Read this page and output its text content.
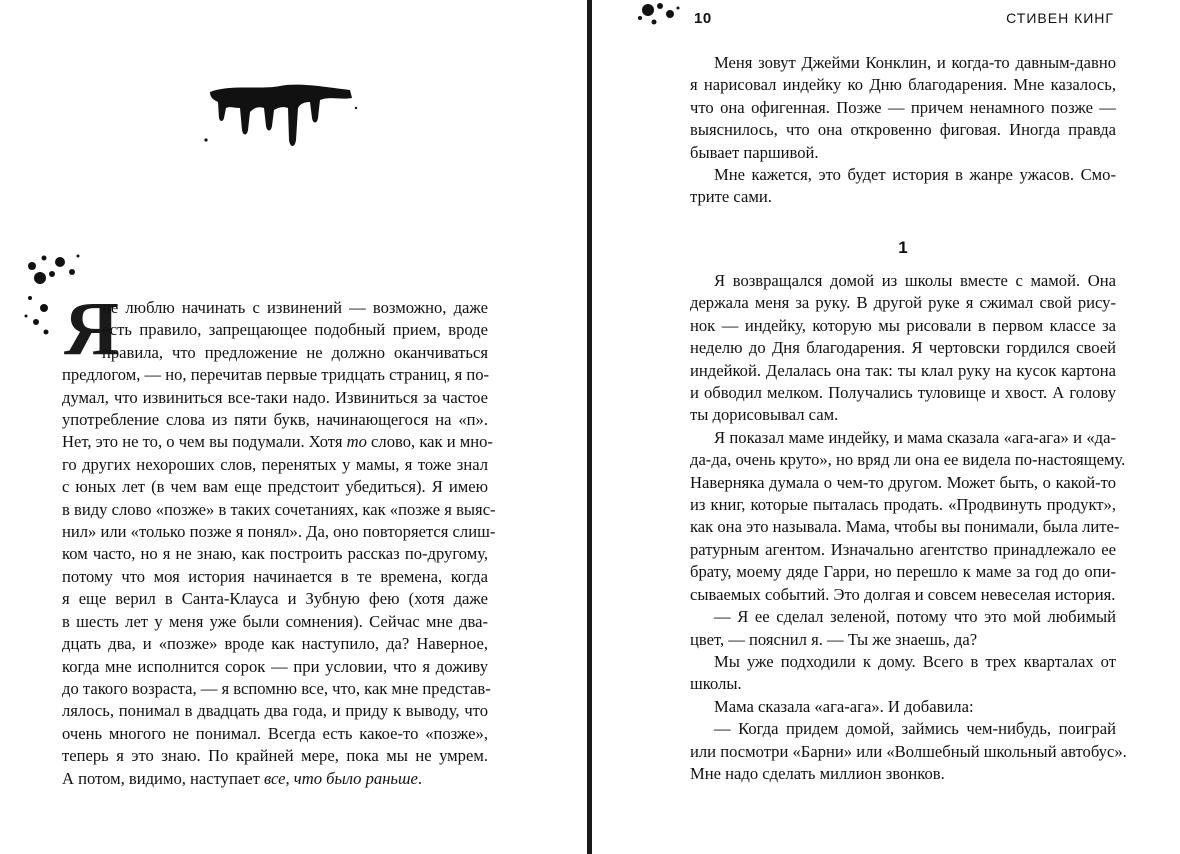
Я
не люблю начинать с извинений — возможно, даже
есть правило, запрещающее подобный прием, вроде
правила, что предложение не должно оканчиваться
предлогом, — но, перечитав первые тридцать страниц, я по-
думал, что извиниться все-таки надо. Извиниться за частое
употребление слова из пяти букв, начинающегося на «п».
Нет, это не то, о чем вы подумали. Хотя то слово, как и мно-
го других нехороших слов, перенятых у мамы, я тоже знал
с юных лет (в чем вам еще предстоит убедиться). Я имею
в виду слово «позже» в таких сочетаниях, как «позже я выяс-
нил» или «только позже я понял». Да, оно повторяется слиш-
ком часто, но я не знаю, как построить рассказ по-другому,
потому что моя история начинается в те времена, когда
я еще верил в Санта-Клауса и Зубную фею (хотя даже
в шесть лет у меня уже были сомнения). Сейчас мне два-
дцать два, и «позже» вроде как наступило, да? Наверное,
когда мне исполнится сорок — при условии, что я доживу
до такого возраста, — я вспомню все, что, как мне представ-
лялось, понимал в двадцать два года, и приду к выводу, что
очень многого не понимал. Всегда есть какое-то «позже»,
теперь я это знаю. По крайней мере, пока мы не умрем.
А потом, видимо, наступает все, что было раньше.
10	СТИВЕН КИНГ
Меня зовут Джейми Конклин, и когда-то давным-давно
я нарисовал индейку ко Дню благодарения. Мне казалось,
что она офигенная. Позже — причем ненамного позже —
выяснилось, что она откровенно фиговая. Иногда правда
бывает паршивой.
Мне кажется, это будет история в жанре ужасов. Смо-
трите сами.
1
Я возвращался домой из школы вместе с мамой. Она
держала меня за руку. В другой руке я сжимал свой рису-
нок — индейку, которую мы рисовали в первом классе за
неделю до Дня благодарения. Я чертовски гордился своей
индейкой. Делалась она так: ты клал руку на кусок картона
и обводил мелком. Получались туловище и хвост. А голову
ты дорисовывал сам.
Я показал маме индейку, и мама сказала «ага-ага» и «да-
да-да, очень круто», но вряд ли она ее видела по-настоящему.
Наверняка думала о чем-то другом. Может быть, о какой-то
из книг, которые пыталась продать. «Продвинуть продукт»,
как она это называла. Мама, чтобы вы понимали, была лите-
ратурным агентом. Изначально агентство принадлежало ее
брату, моему дяде Гарри, но перешло к маме за год до опи-
сываемых событий. Это долгая и совсем невеселая история.
— Я ее сделал зеленой, потому что это мой любимый
цвет, — пояснил я. — Ты же знаешь, да?
Мы уже подходили к дому. Всего в трех кварталах от
школы.
Мама сказала «ага-ага». И добавила:
— Когда придем домой, займись чем-нибудь, поиграй
или посмотри «Барни» или «Волшебный школьный автобус».
Мне надо сделать миллион звонков.
